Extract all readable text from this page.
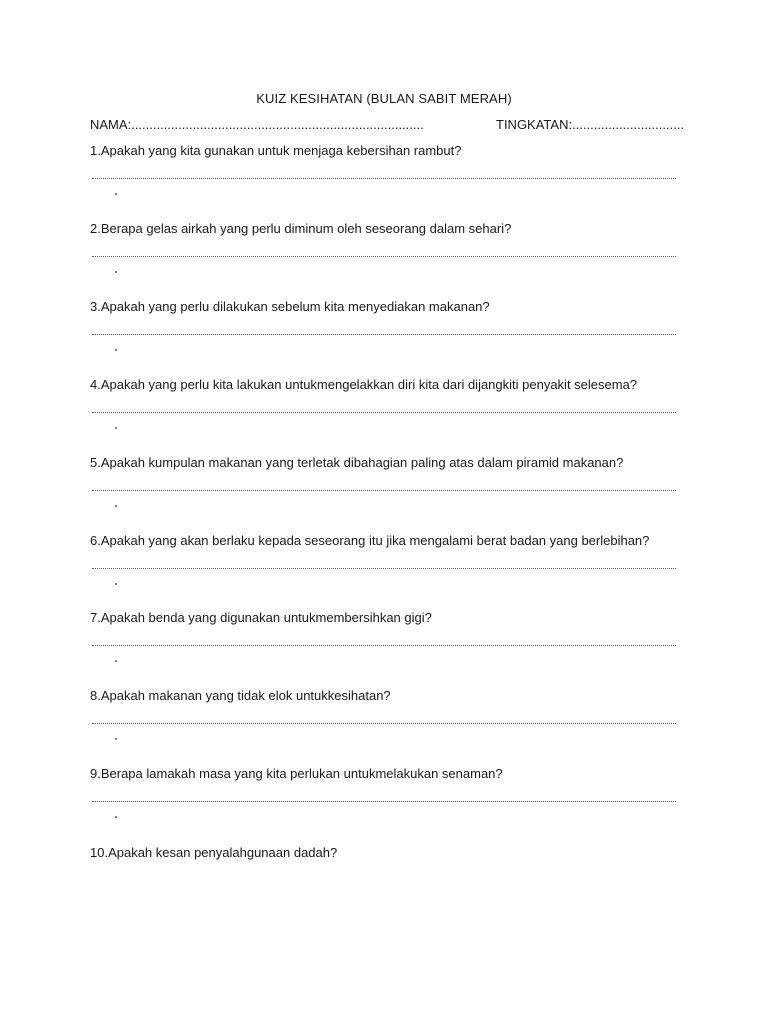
KUIZ KESIHATAN (BULAN SABIT MERAH)
NAMA:.................................................................................	TINGKATAN:...............................
1.Apakah yang kita gunakan untuk menjaga kebersihan rambut?
2.Berapa gelas airkah yang perlu diminum oleh seseorang dalam sehari?
3.Apakah yang perlu dilakukan sebelum kita menyediakan makanan?
4.Apakah yang perlu kita lakukan untukmengelakkan diri kita dari dijangkiti penyakit selesema?
5.Apakah kumpulan makanan yang terletak dibahagian paling atas dalam piramid makanan?
6.Apakah yang akan berlaku kepada seseorang itu jika mengalami berat badan yang berlebihan?
7.Apakah benda yang digunakan untukmembersihkan gigi?
8.Apakah makanan yang tidak elok untukkesihatan?
9.Berapa lamakah masa yang kita perlukan untukmelakukan senaman?
10.Apakah kesan penyalahgunaan dadah?
